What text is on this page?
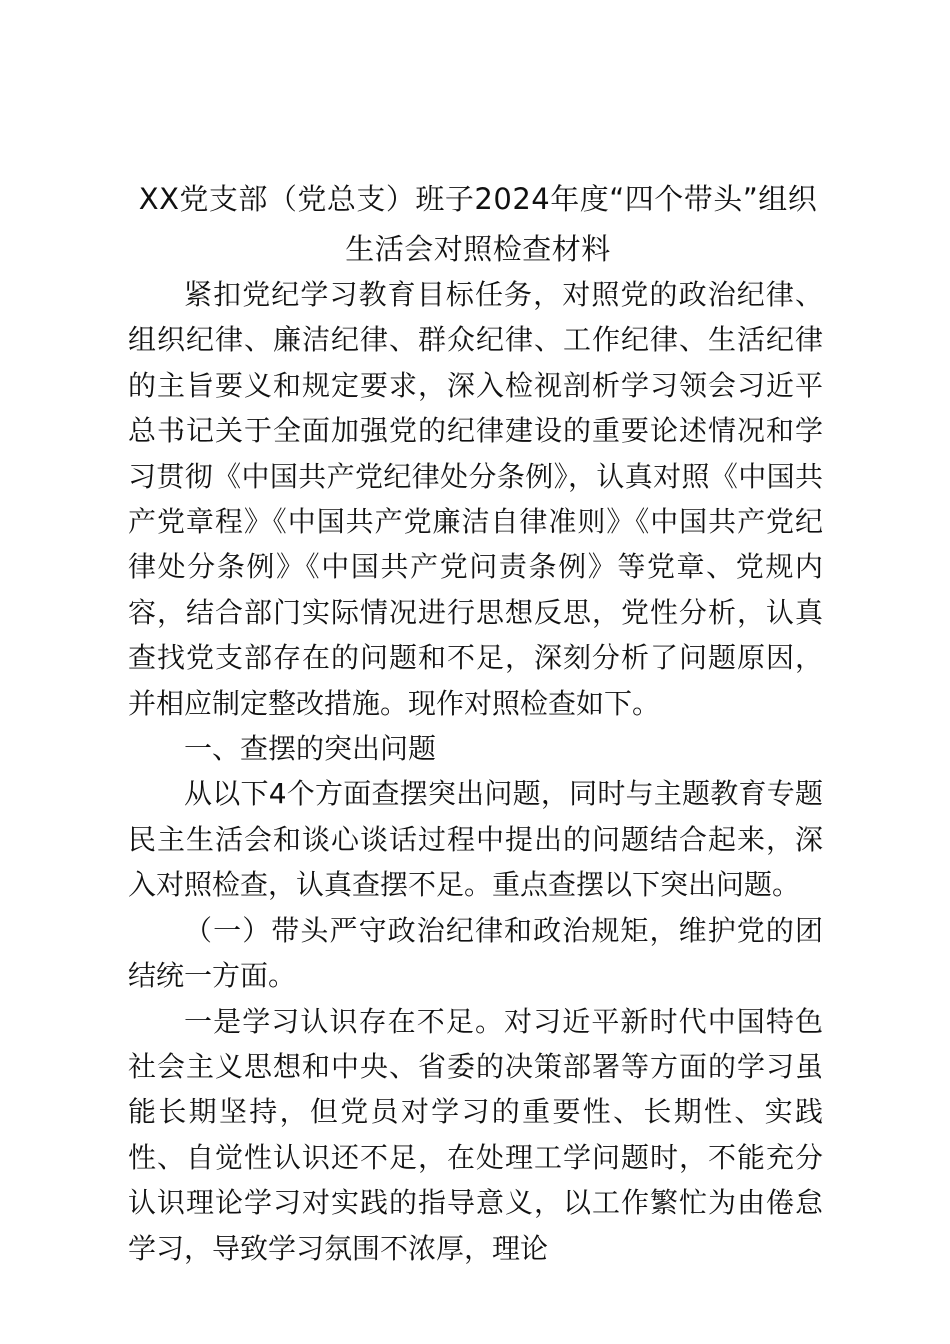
XX党支部（党总支）班子2024年度“四个带头”组织
生活会对照检查材料

紧扣党纪学习教育目标任务，对照党的政治纪律、组织纪律、廉洁纪律、群众纪律、工作纪律、生活纪律的主旨要义和规定要求，深入检视剖析学习领会习近平总书记关于全面加强党的纪律建设的重要论述情况和学习贯彻《中国共产党纪律处分条例》，认真对照《中国共产党章程》《中国共产党廉洁自律准则》《中国共产党纪律处分条例》《中国共产党问责条例》等党章、党规内容，结合部门实际情况进行思想反思，党性分析，认真查找党支部存在的问题和不足，深刻分析了问题原因，并相应制定整改措施。现作对照检查如下。

一、查摆的突出问题

从以下4个方面查摆突出问题，同时与主题教育专题民主生活会和谈心谈话过程中提出的问题结合起来，深入对照检查，认真查摆不足。重点查摆以下突出问题。

（一）带头严守政治纪律和政治规矩，维护党的团结统一方面。

一是学习认识存在不足。对习近平新时代中国特色社会主义思想和中央、省委的决策部署等方面的学习虽能长期坚持，但党员对学习的重要性、长期性、实践性、自觉性认识还不足，在处理工学问题时，不能充分认识理论学习对实践的指导意义，以工作繁忙为由倦怠学习，导致学习氛围不浓厚，理论
